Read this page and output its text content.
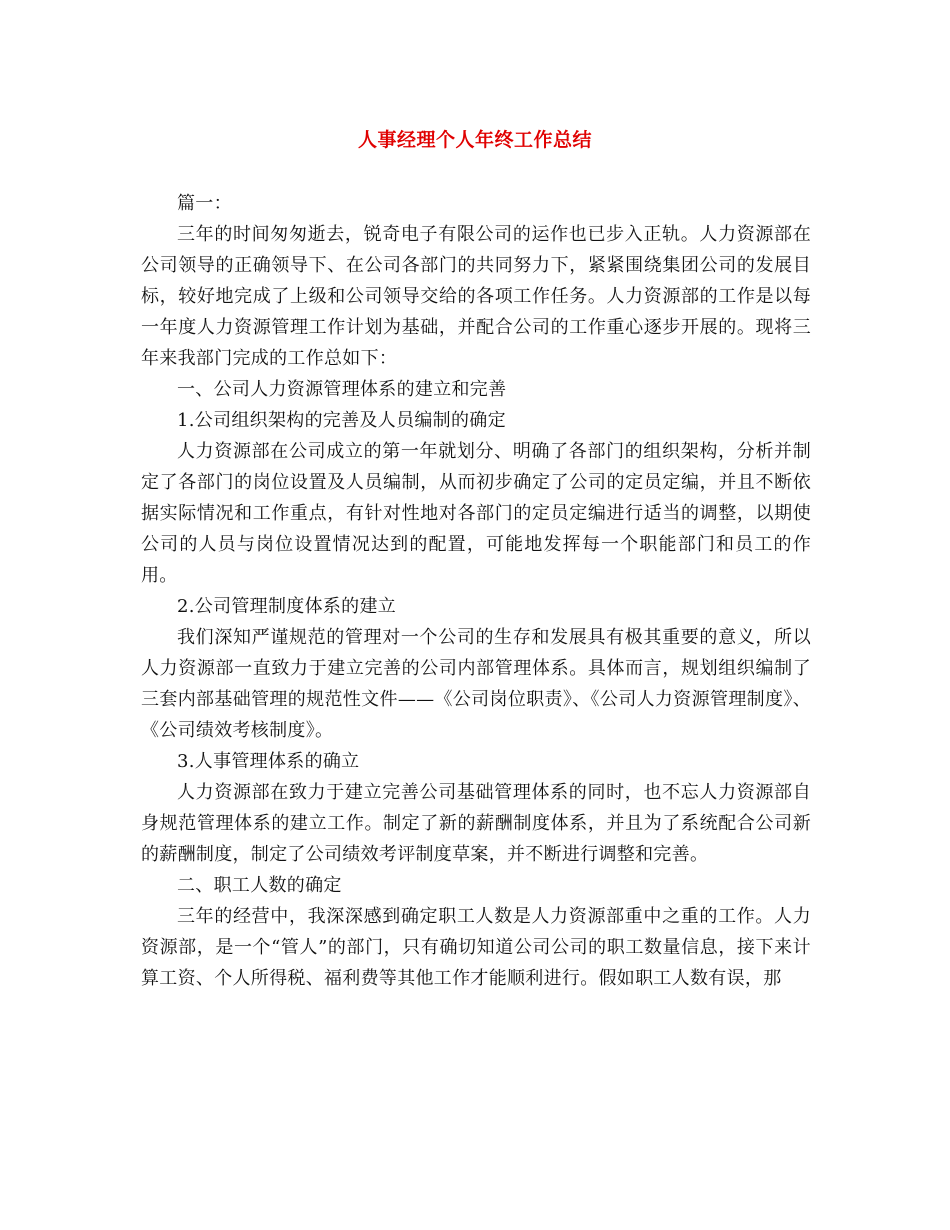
人事经理个人年终工作总结

篇一：

三年的时间匆匆逝去，锐奇电子有限公司的运作也已步入正轨。人力资源部在公司领导的正确领导下、在公司各部门的共同努力下，紧紧围绕集团公司的发展目标，较好地完成了上级和公司领导交给的各项工作任务。人力资源部的工作是以每一年度人力资源管理工作计划为基础，并配合公司的工作重心逐步开展的。现将三年来我部门完成的工作总如下：

一、公司人力资源管理体系的建立和完善

1.公司组织架构的完善及人员编制的确定

人力资源部在公司成立的第一年就划分、明确了各部门的组织架构，分析并制定了各部门的岗位设置及人员编制，从而初步确定了公司的定员定编，并且不断依据实际情况和工作重点，有针对性地对各部门的定员定编进行适当的调整，以期使公司的人员与岗位设置情况达到的配置，可能地发挥每一个职能部门和员工的作用。

2.公司管理制度体系的建立

我们深知严谨规范的管理对一个公司的生存和发展具有极其重要的意义，所以人力资源部一直致力于建立完善的公司内部管理体系。具体而言，规划组织编制了三套内部基础管理的规范性文件——《公司岗位职责》、《公司人力资源管理制度》、《公司绩效考核制度》。

3.人事管理体系的确立

人力资源部在致力于建立完善公司基础管理体系的同时，也不忘人力资源部自身规范管理体系的建立工作。制定了新的薪酬制度体系，并且为了系统配合公司新的薪酬制度，制定了公司绩效考评制度草案，并不断进行调整和完善。

二、职工人数的确定

三年的经营中，我深深感到确定职工人数是人力资源部重中之重的工作。人力资源部，是一个“管人”的部门，只有确切知道公司公司的职工数量信息，接下来计算工资、个人所得税、福利费等其他工作才能顺利进行。假如职工人数有误，那
